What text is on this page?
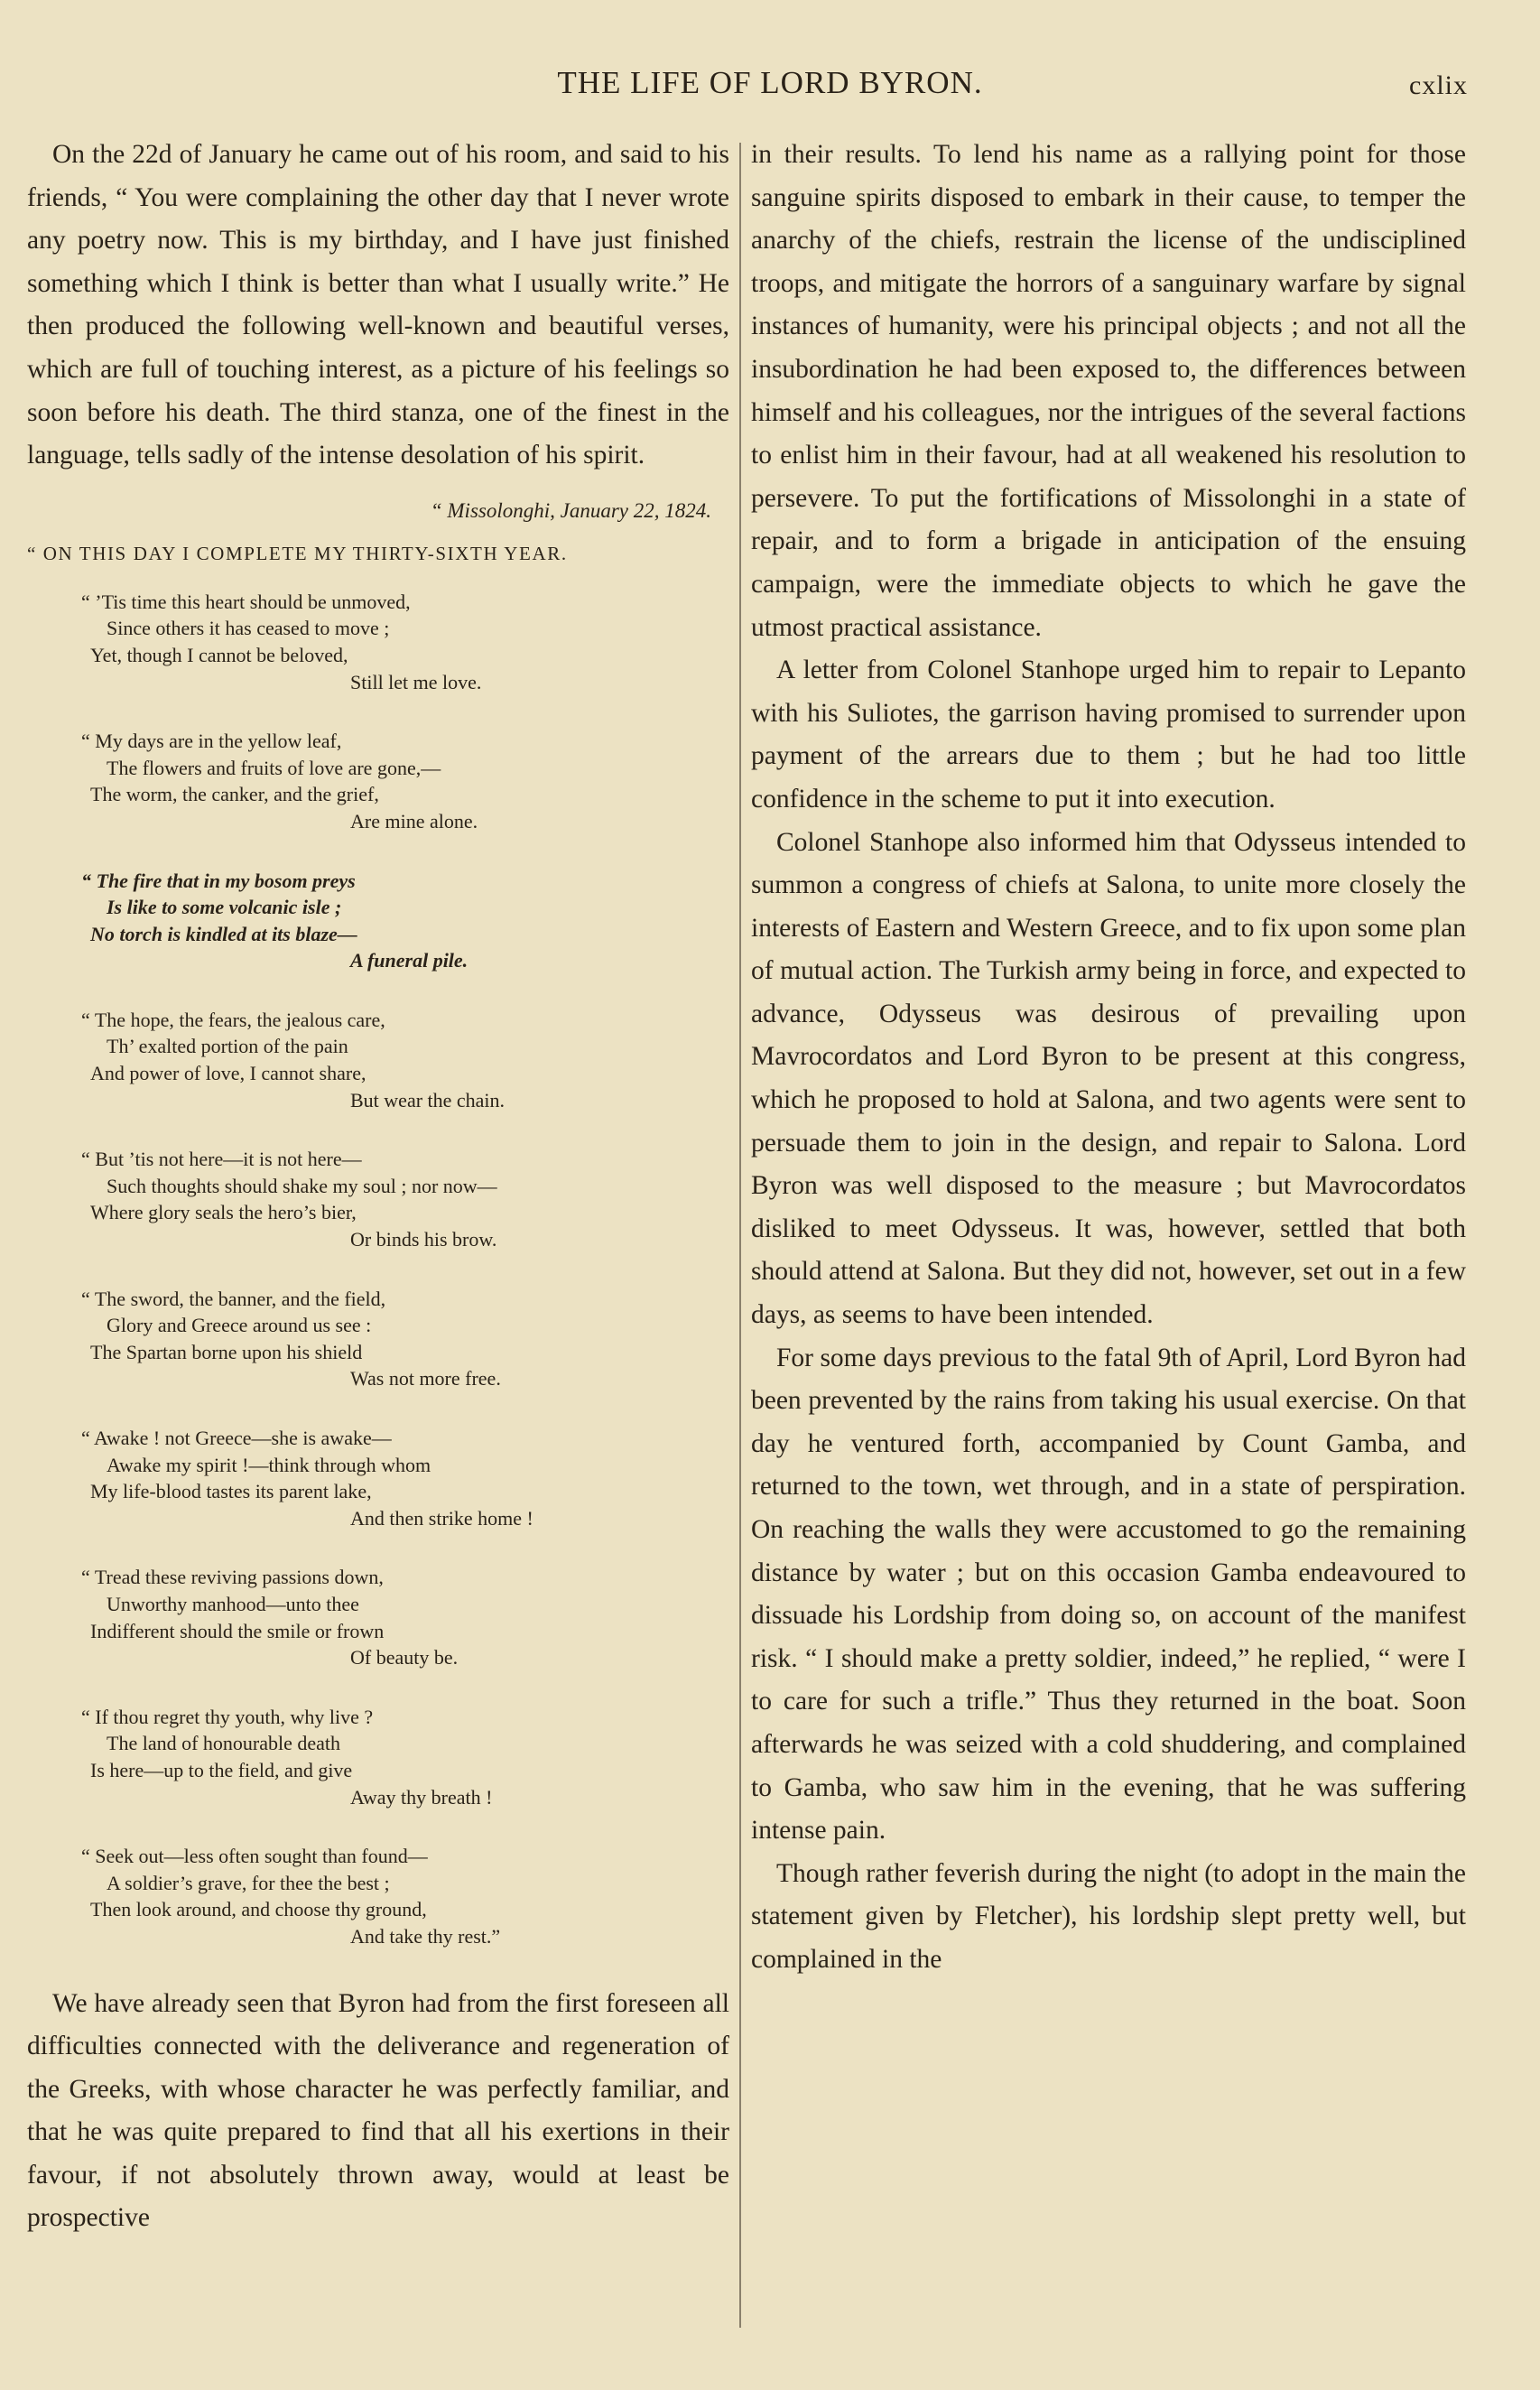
THE LIFE OF LORD BYRON.	cxlix

On the 22d of January he came out of his room, and said to his friends, “ You were complaining the other day that I never wrote any poetry now. This is my birthday, and I have just finished something which I think is better than what I usually write.” He then produced the following well-known and beautiful verses, which are full of touching interest, as a picture of his feelings so soon before his death. The third stanza, one of the finest in the language, tells sadly of the intense desolation of his spirit.

“ Missolonghi, January 22, 1824.
“ ON THIS DAY I COMPLETE MY THIRTY-SIXTH YEAR.
“ ’Tis time this heart should be unmoved,
Since others it has ceased to move ;
Yet, though I cannot be beloved,
Still let me love.
“ My days are in the yellow leaf,
The flowers and fruits of love are gone,—
The worm, the canker, and the grief,
Are mine alone.
“ The fire that in my bosom preys
Is like to some volcanic isle ;
No torch is kindled at its blaze—
A funeral pile.
“ The hope, the fears, the jealous care,
Th’ exalted portion of the pain
And power of love, I cannot share,
But wear the chain.
“ But ’tis not here—it is not here—
Such thoughts should shake my soul ; nor now—
Where glory seals the hero’s bier,
Or binds his brow.
“ The sword, the banner, and the field,
Glory and Greece around us see :
The Spartan borne upon his shield
Was not more free.
“ Awake ! not Greece—she is awake—
Awake my spirit !—think through whom
My life-blood tastes its parent lake,
And then strike home !
“ Tread these reviving passions down,
Unworthy manhood—unto thee
Indifferent should the smile or frown
Of beauty be.
“ If thou regret thy youth, why live ?
The land of honourable death
Is here—up to the field, and give
Away thy breath !
“ Seek out—less often sought than found—
A soldier’s grave, for thee the best ;
Then look around, and choose thy ground,
And take thy rest.”

We have already seen that Byron had from the first foreseen all difficulties connected with the deliverance and regeneration of the Greeks, with whose character he was perfectly familiar, and that he was quite prepared to find that all his exertions in their favour, if not absolutely thrown away, would at least be prospective

in their results. To lend his name as a rallying point for those sanguine spirits disposed to embark in their cause, to temper the anarchy of the chiefs, restrain the license of the undisciplined troops, and mitigate the horrors of a sanguinary warfare by signal instances of humanity, were his principal objects ; and not all the insubordination he had been exposed to, the differences between himself and his colleagues, nor the intrigues of the several factions to enlist him in their favour, had at all weakened his resolution to persevere. To put the fortifications of Missolonghi in a state of repair, and to form a brigade in anticipation of the ensuing campaign, were the immediate objects to which he gave the utmost practical assistance.

A letter from Colonel Stanhope urged him to repair to Lepanto with his Suliotes, the garrison having promised to surrender upon payment of the arrears due to them ; but he had too little confidence in the scheme to put it into execution.

Colonel Stanhope also informed him that Odysseus intended to summon a congress of chiefs at Salona, to unite more closely the interests of Eastern and Western Greece, and to fix upon some plan of mutual action. The Turkish army being in force, and expected to advance, Odysseus was desirous of prevailing upon Mavrocordatos and Lord Byron to be present at this congress, which he proposed to hold at Salona, and two agents were sent to persuade them to join in the design, and repair to Salona. Lord Byron was well disposed to the measure ; but Mavrocordatos disliked to meet Odysseus. It was, however, settled that both should attend at Salona. But they did not, however, set out in a few days, as seems to have been intended.

For some days previous to the fatal 9th of April, Lord Byron had been prevented by the rains from taking his usual exercise. On that day he ventured forth, accompanied by Count Gamba, and returned to the town, wet through, and in a state of perspiration. On reaching the walls they were accustomed to go the remaining distance by water ; but on this occasion Gamba endeavoured to dissuade his Lordship from doing so, on account of the manifest risk. “ I should make a pretty soldier, indeed,” he replied, “ were I to care for such a trifle.” Thus they returned in the boat. Soon afterwards he was seized with a cold shuddering, and complained to Gamba, who saw him in the evening, that he was suffering intense pain.

Though rather feverish during the night (to adopt in the main the statement given by Fletcher), his lordship slept pretty well, but complained in the
